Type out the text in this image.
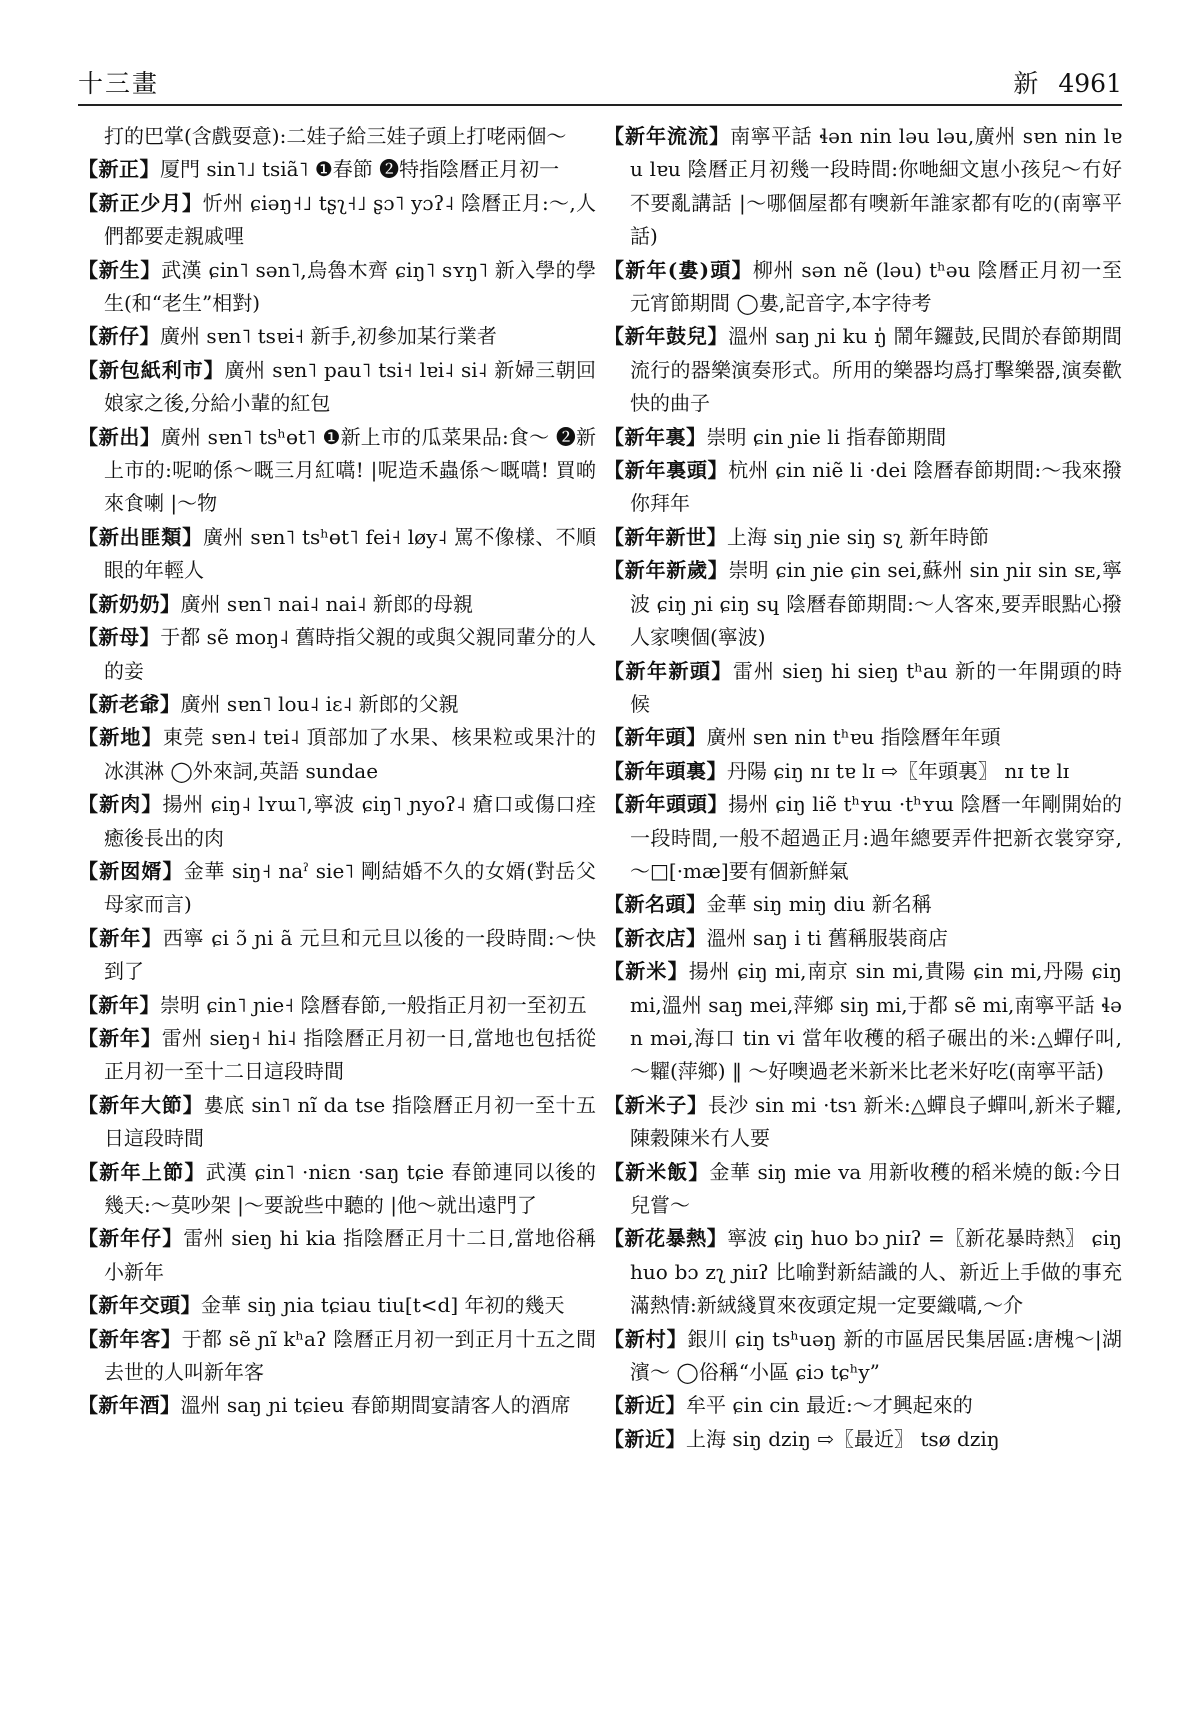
十三畫	新 4961
打的巴掌(含戲耍意):二娃子給三娃子頭上打咾兩個～
【新正】厦門 sin˥˩ tsiã˥ ❶春節 ❷特指陰曆正月初一
【新正少月】忻州 ɕiəŋ˧˩ tʂʅ˧˩ ʂɔ˥ yɔʔ˨ 陰曆正月:～,人們都要走親戚哩
【新生】武漢 ɕin˥ sən˥,烏魯木齊 ɕiŋ˥ sʏŋ˥ 新入學的學生(和“老生”相對)
【新仔】廣州 sɐn˥ tsɐi˧ 新手,初參加某行業者
【新包紙利市】廣州 sɐn˥ pau˥ tsi˧ lɐi˨ si˨ 新婦三朝回娘家之後,分給小輩的紅包
【新出】廣州 sɐn˥ tsʰɵt˥ ❶新上市的瓜菜果品:食～ ❷新上市的:呢啲係～嘅三月紅嚆! |呢造禾蟲係～嘅嚆! 買啲來食喇 |～物
【新出匪類】廣州 sɐn˥ tsʰɵt˥ fei˧ løy˨ 罵不像樣、不順眼的年輕人
【新奶奶】廣州 sɐn˥ nai˨ nai˨ 新郎的母親
【新母】于都 sẽ moŋ˨ 舊時指父親的或與父親同輩分的人的妾
【新老爺】廣州 sɐn˥ lou˨ iɛ˨ 新郎的父親
【新地】東莞 sɐn˨ tɐi˨ 頂部加了水果、核果粒或果汁的冰淇淋 ◯外來詞,英語 sundae
【新肉】揚州 ɕiŋ˨ lʏɯ˥,寧波 ɕiŋ˥ ɲyoʔ˨ 瘡口或傷口痊癒後長出的肉
【新囡婿】金華 siŋ˧ naˀ sie˥ 剛結婚不久的女婿(對岳父母家而言)
【新年】西寧 ɕi ɔ̃ ɲi ã 元旦和元旦以後的一段時間:～快到了
【新年】崇明 ɕin˥ ɲie˧ 陰曆春節,一般指正月初一至初五
【新年】雷州 sieŋ˧ hi˨ 指陰曆正月初一日,當地也包括從正月初一至十二日這段時間
【新年大節】婁底 sin˥ nĩ da tse 指陰曆正月初一至十五日這段時間
【新年上節】武漢 ɕin˥ ·niɛn ·saŋ tɕie 春節連同以後的幾天:～莫吵架 |～要說些中聽的 |他～就出遠門了
【新年仔】雷州 sieŋ hi kia 指陰曆正月十二日,當地俗稱小新年
【新年交頭】金華 siŋ ɲia tɕiau tiu[t<d] 年初的幾天
【新年客】于都 sẽ ɲĩ kʰaʔ 陰曆正月初一到正月十五之間去世的人叫新年客
【新年酒】溫州 saŋ ɲi tɕieu 春節期間宴請客人的酒席
【新年流流】南寧平話 ɬən nin ləu ləu,廣州 sɐn nin lɐu lɐu 陰曆正月初幾一段時間:你哋細文崽小孩兒～冇好不要亂講話 |～哪個屋都有噢新年誰家都有吃的(南寧平話)
【新年(婁)頭】柳州 sən nẽ (ləu) tʰəu 陰曆正月初一至元宵節期間 ◯婁,記音字,本字待考
【新年鼓兒】溫州 saŋ ɲi ku ŋ̍ 鬧年鑼鼓,民間於春節期間流行的器樂演奏形式。所用的樂器均爲打擊樂器,演奏歡快的曲子
【新年裏】崇明 ɕin ɲie li 指春節期間
【新年裏頭】杭州 ɕin niẽ li ·dei 陰曆春節期間:～我來撥你拜年
【新年新世】上海 siŋ ɲie siŋ sʅ 新年時節
【新年新歲】崇明 ɕin ɲie ɕin sei,蘇州 sin ɲiɪ sin sᴇ,寧波 ɕiŋ ɲi ɕiŋ sɥ 陰曆春節期間:～人客來,要弄眼點心撥人家噢個(寧波)
【新年新頭】雷州 sieŋ hi sieŋ tʰau 新的一年開頭的時候
【新年頭】廣州 sɐn nin tʰɐu 指陰曆年年頭
【新年頭裏】丹陽 ɕiŋ nɪ tɐ lɪ ⇨〖年頭裏〗 nɪ tɐ lɪ
【新年頭頭】揚州 ɕiŋ liẽ tʰʏɯ ·tʰʏɯ 陰曆一年剛開始的一段時間,一般不超過正月:過年總要弄件把新衣裳穿穿,～□[·mæ]要有個新鮮氣
【新名頭】金華 siŋ miŋ diu 新名稱
【新衣店】溫州 saŋ i ti 舊稱服裝商店
【新米】揚州 ɕiŋ mi,南京 sin mi,貴陽 ɕin mi,丹陽 ɕiŋ mi,溫州 saŋ mei,萍鄉 siŋ mi,于都 sẽ mi,南寧平話 ɬən məi,海口 tin vi 當年收穫的稻子碾出的米:△蟬仔叫,～糶(萍鄉) ‖ ～好噢過老米新米比老米好吃(南寧平話)
【新米子】長沙 sin mi ·tsɿ 新米:△蟬良子蟬叫,新米子糶,陳穀陳米冇人要
【新米飯】金華 siŋ mie va 用新收穫的稻米燒的飯:今日兒嘗～
【新花暴熱】寧波 ɕiŋ huo bɔ ɲiɪʔ =〖新花暴時熱〗 ɕiŋ huo bɔ zʅ ɲiɪʔ 比喻對新結識的人、新近上手做的事充滿熱情:新絨綫買來夜頭定規一定要織嚆,～介
【新村】銀川 ɕiŋ tsʰuəŋ 新的市區居民集居區:唐槐～|湖濱～ ◯俗稱“小區 ɕiɔ tɕʰy”
【新近】牟平 ɕin cin 最近:～才興起來的
【新近】上海 siŋ dziŋ ⇨〖最近〗 tsø dziŋ
